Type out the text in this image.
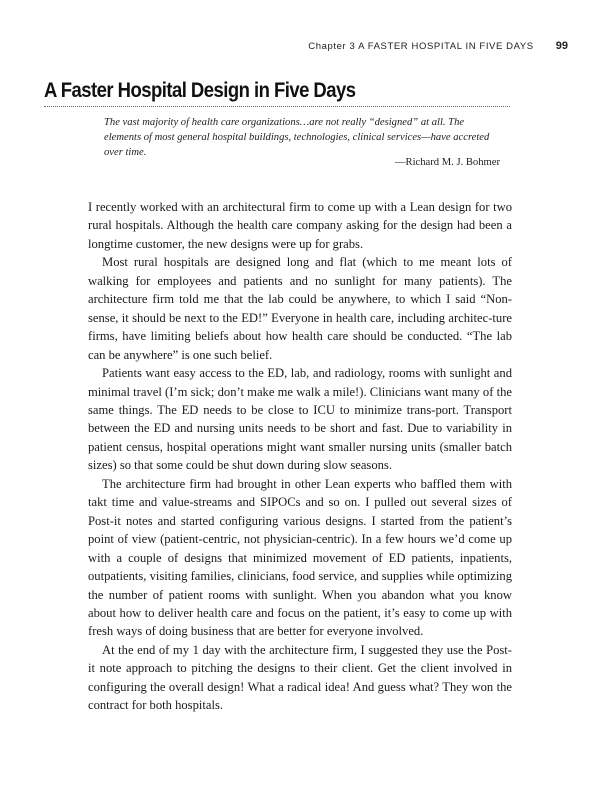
Chapter 3 A FASTER HOSPITAL IN FIVE DAYS 99
A Faster Hospital Design in Five Days
The vast majority of health care organizations…are not really “designed” at all. The elements of most general hospital buildings, technologies, clinical services—have accreted over time.
—Richard M. J. Bohmer

I recently worked with an architectural firm to come up with a Lean design for two rural hospitals. Although the health care company asking for the design had been a longtime customer, the new designs were up for grabs.

Most rural hospitals are designed long and flat (which to me meant lots of walking for employees and patients and no sunlight for many patients). The architecture firm told me that the lab could be anywhere, to which I said “Non-sense, it should be next to the ED!” Everyone in health care, including architec-ture firms, have limiting beliefs about how health care should be conducted. “The lab can be anywhere” is one such belief.

Patients want easy access to the ED, lab, and radiology, rooms with sunlight and minimal travel (I’m sick; don’t make me walk a mile!). Clinicians want many of the same things. The ED needs to be close to ICU to minimize trans-port. Transport between the ED and nursing units needs to be short and fast. Due to variability in patient census, hospital operations might want smaller nursing units (smaller batch sizes) so that some could be shut down during slow seasons.

The architecture firm had brought in other Lean experts who baffled them with takt time and value-streams and SIPOCs and so on. I pulled out several sizes of Post-it notes and started configuring various designs. I started from the patient’s point of view (patient-centric, not physician-centric). In a few hours we’d come up with a couple of designs that minimized movement of ED patients, inpatients, outpatients, visiting families, clinicians, food service, and supplies while optimizing the number of patient rooms with sunlight. When you abandon what you know about how to deliver health care and focus on the patient, it’s easy to come up with fresh ways of doing business that are better for everyone involved.

At the end of my 1 day with the architecture firm, I suggested they use the Post-it note approach to pitching the designs to their client. Get the client involved in configuring the overall design! What a radical idea! And guess what? They won the contract for both hospitals.
